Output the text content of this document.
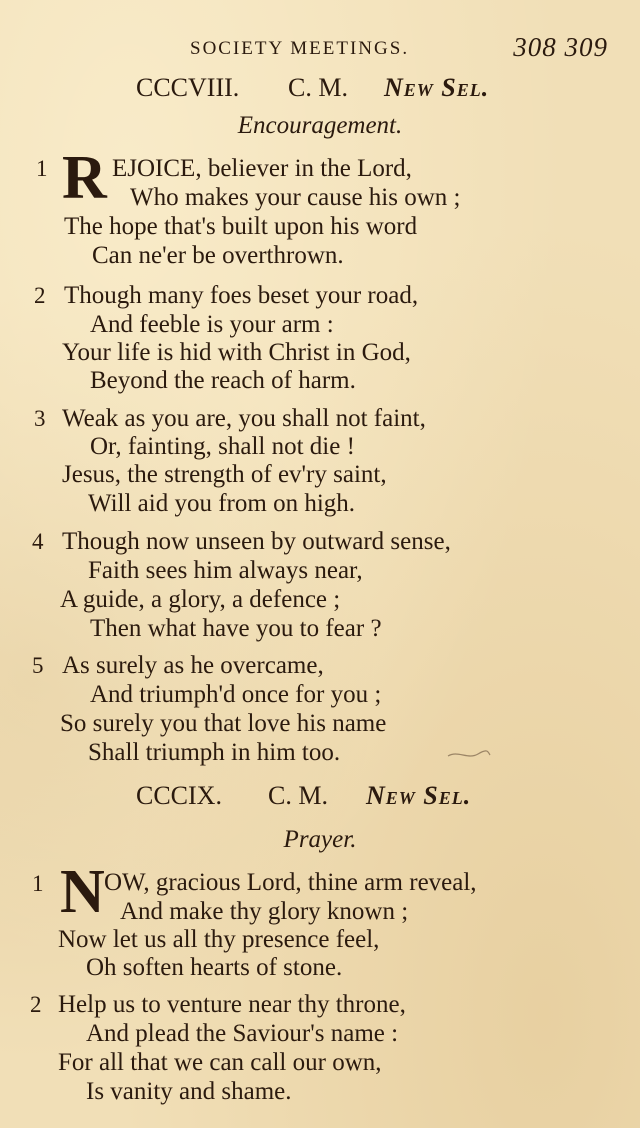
SOCIETY MEETINGS.	308 309
CCCVIII. C. M. New Sel.
Encouragement.
1 R EJOICE, believer in the Lord,
Who makes your cause his own ;
The hope that's built upon his word
Can ne'er be overthrown.
2 Though many foes beset your road,
And feeble is your arm :
Your life is hid with Christ in God,
Beyond the reach of harm.
3 Weak as you are, you shall not faint,
Or, fainting, shall not die !
Jesus, the strength of ev'ry saint,
Will aid you from on high.
4 Though now unseen by outward sense,
Faith sees him always near,
A guide, a glory, a defence ;
Then what have you to fear ?
5 As surely as he overcame,
And triumph'd once for you ;
So surely you that love his name
Shall triumph in him too.
CCCIX. C. M. New Sel.
Prayer.
1 N OW, gracious Lord, thine arm reveal,
And make thy glory known ;
Now let us all thy presence feel,
Oh soften hearts of stone.
2 Help us to venture near thy throne,
And plead the Saviour's name :
For all that we can call our own,
Is vanity and shame.
